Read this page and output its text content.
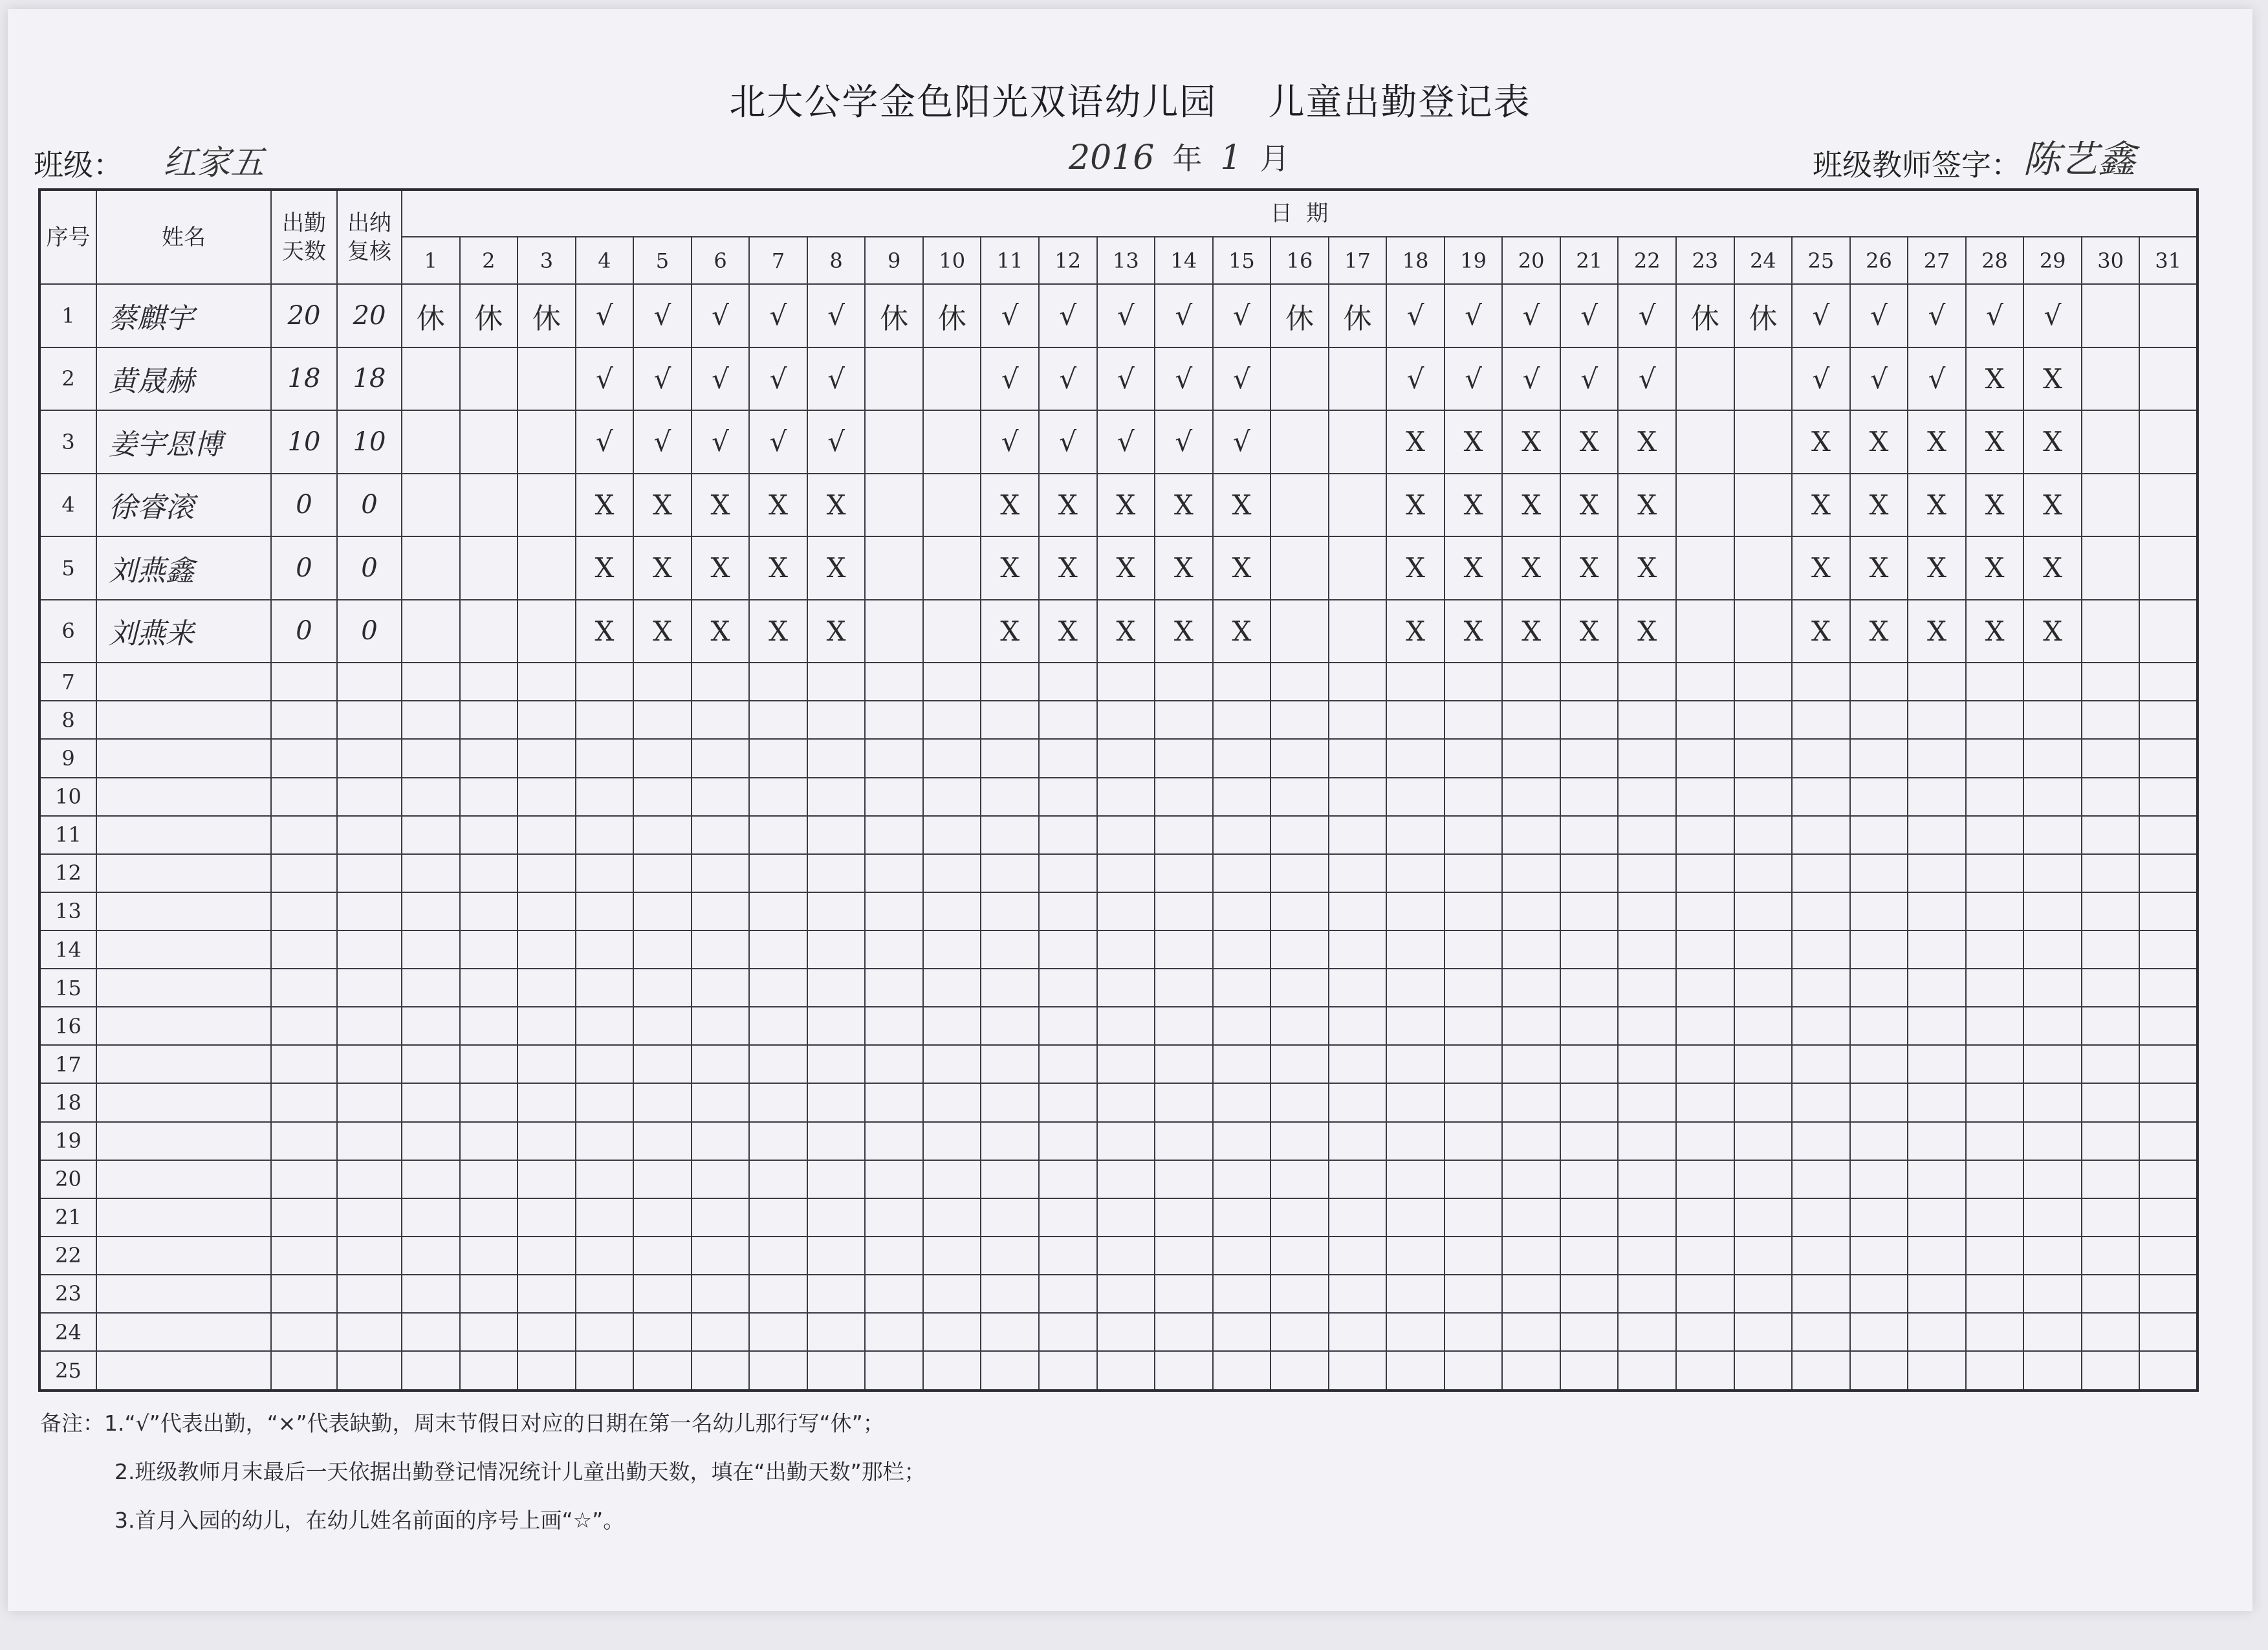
北大公学金色阳光双语幼儿园    儿童出勤登记表
班级： 红家五	2016 年 1 月	班级教师签字： 陈艺鑫
序号	姓名	出勤天数	出纳复核	日  期																														
				1	2	3	4	5	6	7	8	9	10	11	12	13	14	15	16	17	18	19	20	21	22	23	24	25	26	27	28	29	30	31
1	蔡麒宇	20	20	休	休	休	√	√	√	√	√	休	休	√	√	√	√	√	休	休	√	√	√	√	√	休	休	√	√	√	√	√		
2	黄晟赫	18	18				√	√	√	√	√			√	√	√	√	√			√	√	√	√	√			√	√	√	X	X		
3	姜宇恩博	10	10				√	√	√	√	√			√	√	√	√	√			X	X	X	X	X			X	X	X	X	X		
4	徐睿滚	0	0				X	X	X	X	X			X	X	X	X	X			X	X	X	X	X			X	X	X	X	X		
5	刘燕鑫	0	0				X	X	X	X	X			X	X	X	X	X			X	X	X	X	X			X	X	X	X	X		
6	刘燕来	0	0				X	X	X	X	X			X	X	X	X	X			X	X	X	X	X			X	X	X	X	X		
7																																		
8																																		
9																																		
10																																		
11																																		
12																																		
13																																		
14																																		
15																																		
16																																		
17																																		
18																																		
19																																		
20																																		
21																																		
22																																		
23																																		
24																																		
25																																		
备注：1.“√”代表出勤，“×”代表缺勤，周末节假日对应的日期在第一名幼儿那行写“休”；
2.班级教师月末最后一天依据出勤登记情况统计儿童出勤天数，填在“出勤天数”那栏；
3.首月入园的幼儿，在幼儿姓名前面的序号上画“☆”。
